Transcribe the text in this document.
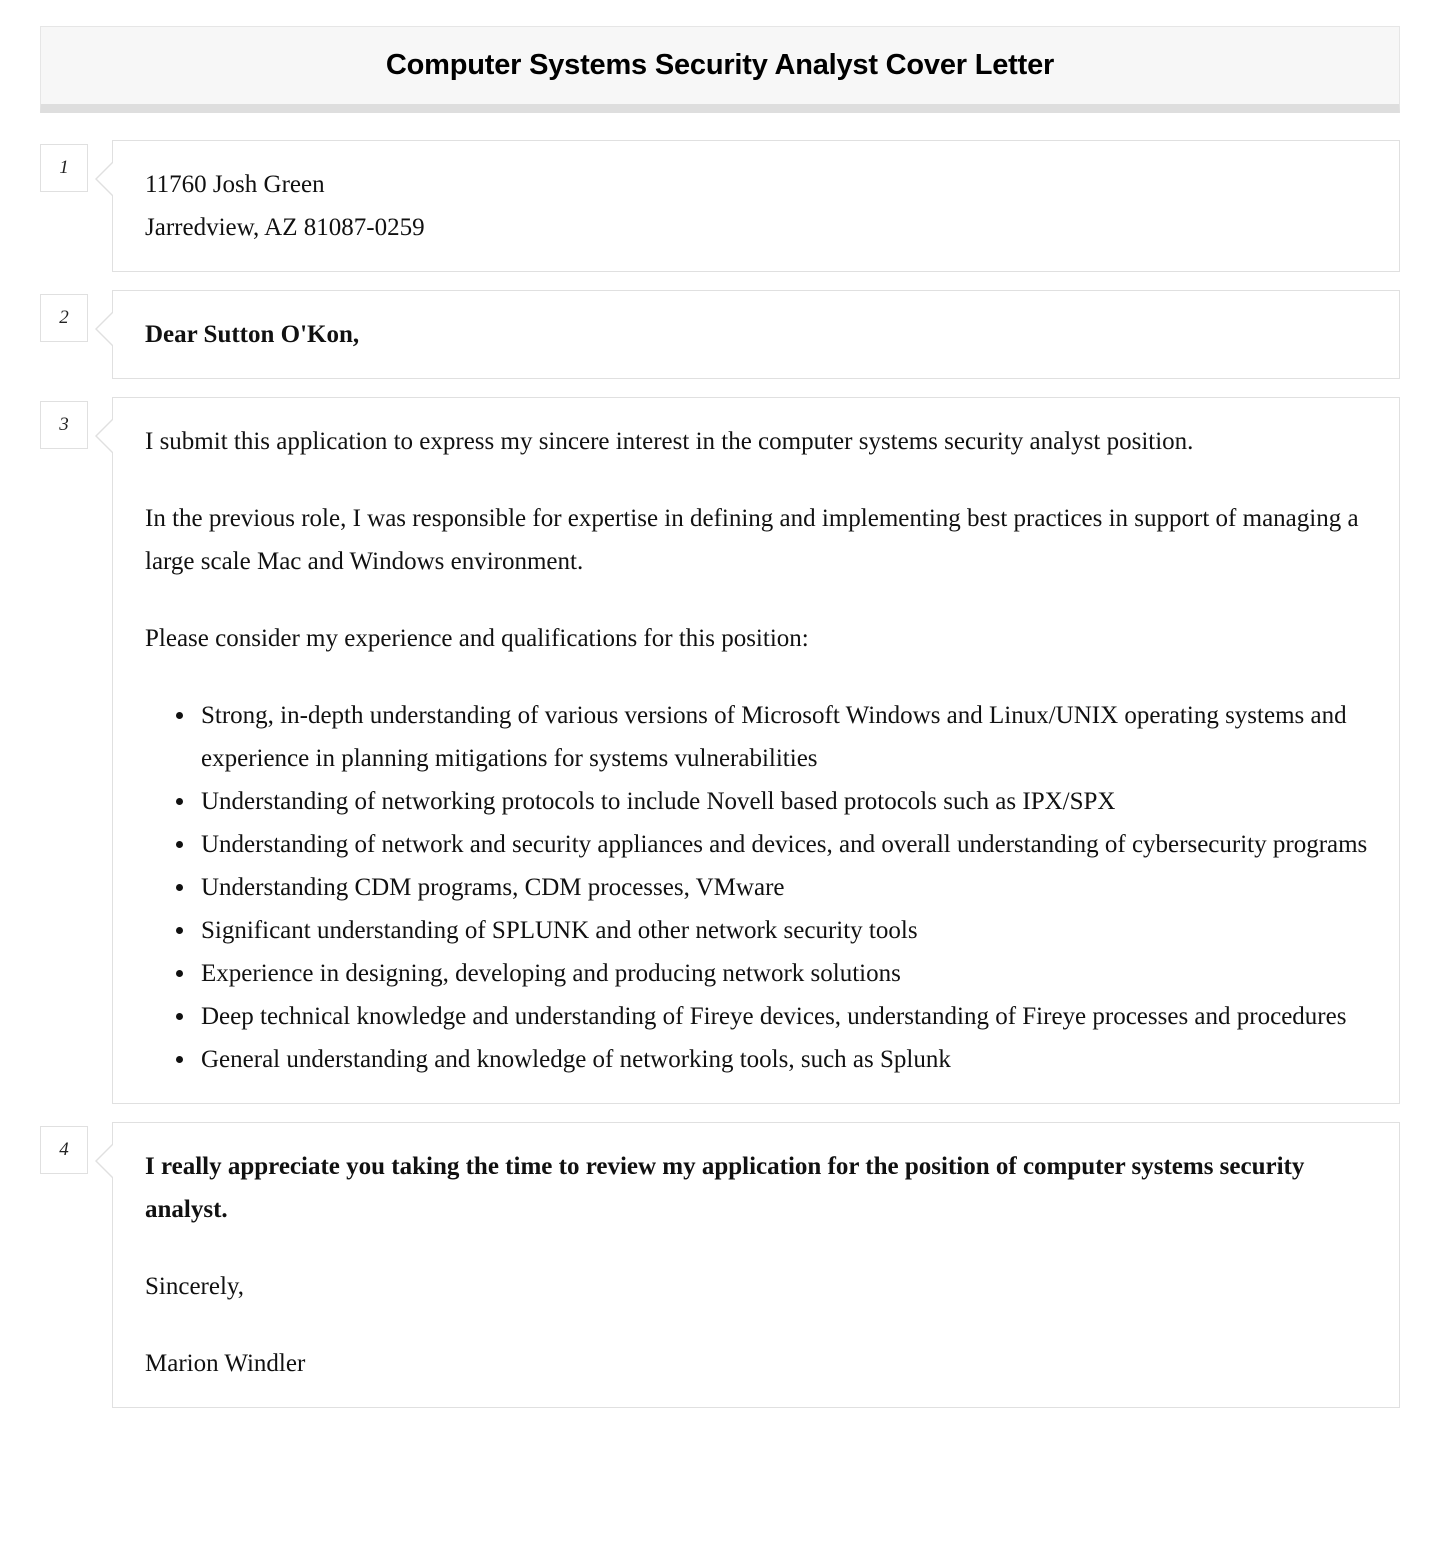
Computer Systems Security Analyst Cover Letter
1
11760 Josh Green
Jarredview, AZ 81087-0259
2

Dear Sutton O'Kon,

3

I submit this application to express my sincere interest in the computer systems security analyst position.

In the previous role, I was responsible for expertise in defining and implementing best practices in support of managing a large scale Mac and Windows environment.

Please consider my experience and qualifications for this position:

• Strong, in-depth understanding of various versions of Microsoft Windows and Linux/UNIX operating systems and experience in planning mitigations for systems vulnerabilities
• Understanding of networking protocols to include Novell based protocols such as IPX/SPX
• Understanding of network and security appliances and devices, and overall understanding of cybersecurity programs
• Understanding CDM programs, CDM processes, VMware
• Significant understanding of SPLUNK and other network security tools
• Experience in designing, developing and producing network solutions
• Deep technical knowledge and understanding of Fireye devices, understanding of Fireye processes and procedures
• General understanding and knowledge of networking tools, such as Splunk
4

I really appreciate you taking the time to review my application for the position of computer systems security analyst.

Sincerely,

Marion Windler
